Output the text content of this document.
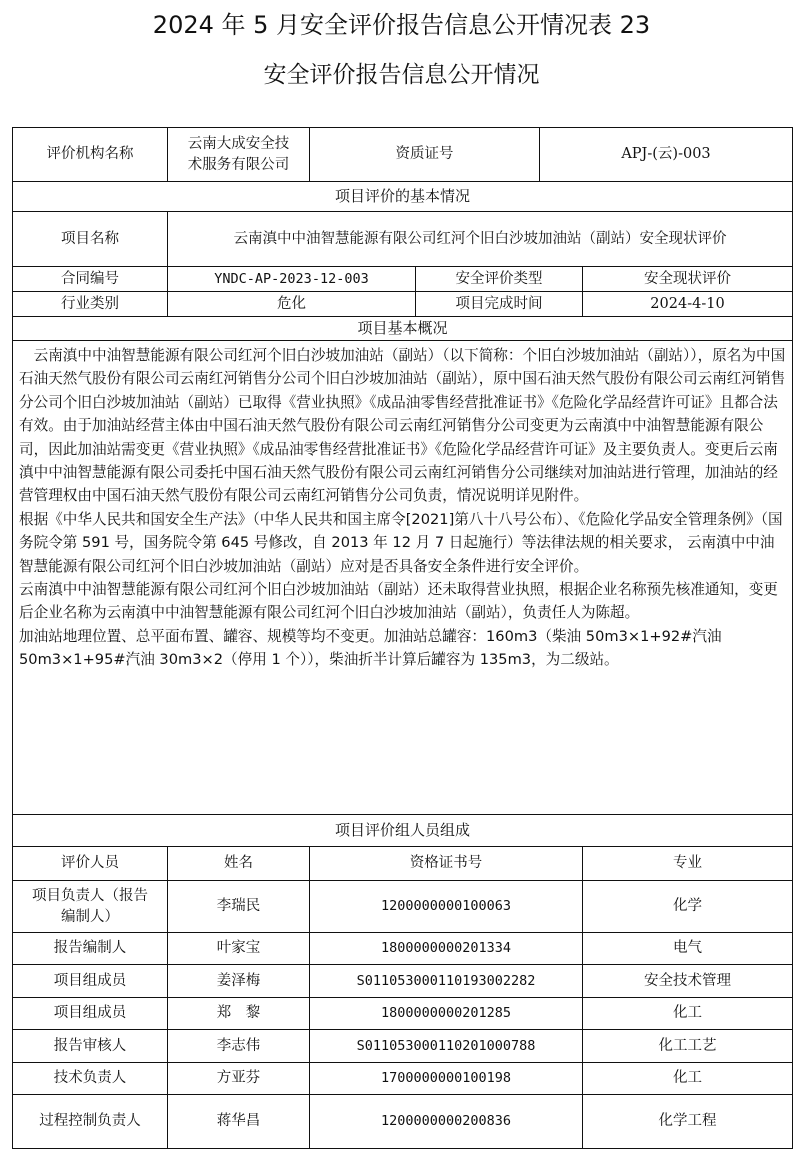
2024 年 5 月安全评价报告信息公开情况表 23
安全评价报告信息公开情况
评价机构名称	云南大成安全技术服务有限公司	资质证号		APJ-(云)-003	
项目评价的基本情况					
项目名称	云南滇中中油智慧能源有限公司红河个旧白沙坡加油站（副站）安全现状评价				
合同编号	YNDC-AP-2023-12-003		安全评价类型		安全现状评价
行业类别	危化		项目完成时间		2024-4-10
项目基本概况					

云南滇中中油智慧能源有限公司红河个旧白沙坡加油站（副站）（以下简称：个旧白沙坡加油站（副站）），原名为中国石油天然气股份有限公司云南红河销售分公司个旧白沙坡加油站（副站），原中国石油天然气股份有限公司云南红河销售分公司个旧白沙坡加油站（副站）已取得《营业执照》《成品油零售经营批准证书》《危险化学品经营许可证》且都合法有效。由于加油站经营主体由中国石油天然气股份有限公司云南红河销售分公司变更为云南滇中中油智慧能源有限公司，因此加油站需变更《营业执照》《成品油零售经营批准证书》《危险化学品经营许可证》及主要负责人。变更后云南滇中中油智慧能源有限公司委托中国石油天然气股份有限公司云南红河销售分公司继续对加油站进行管理，加油站的经营管理权由中国石油天然气股份有限公司云南红河销售分公司负责，情况说明详见附件。

根据《中华人民共和国安全生产法》（中华人民共和国主席令[2021]第八十八号公布）、《危险化学品安全管理条例》（国务院令第 591 号，国务院令第 645 号修改，自 2013 年 12 月 7 日起施行）等法律法规的相关要求， 云南滇中中油智慧能源有限公司红河个旧白沙坡加油站（副站）应对是否具备安全条件进行安全评价。

云南滇中中油智慧能源有限公司红河个旧白沙坡加油站（副站）还未取得营业执照，根据企业名称预先核准通知，变更后企业名称为云南滇中中油智慧能源有限公司红河个旧白沙坡加油站（副站），负责任人为陈超。

加油站地理位置、总平面布置、罐容、规模等均不变更。加油站总罐容：160m3（柴油 50m3×1+92#汽油 50m3×1+95#汽油 30m3×2（停用 1 个）），柴油折半计算后罐容为 135m3，为二级站。					

项目评价组人员组成					
评价人员	姓名	资格证书号			专业
项目负责人（报告编制人）	李瑞民	1200000000100063			化学
报告编制人	叶家宝	1800000000201334			电气
项目组成员	姜泽梅	S011053000110193002282			安全技术管理
项目组成员	郑　黎	1800000000201285			化工
报告审核人	李志伟	S011053000110201000788			化工工艺
技术负责人	方亚芬	1700000000100198			化工
过程控制负责人	蒋华昌	1200000000200836			化学工程
